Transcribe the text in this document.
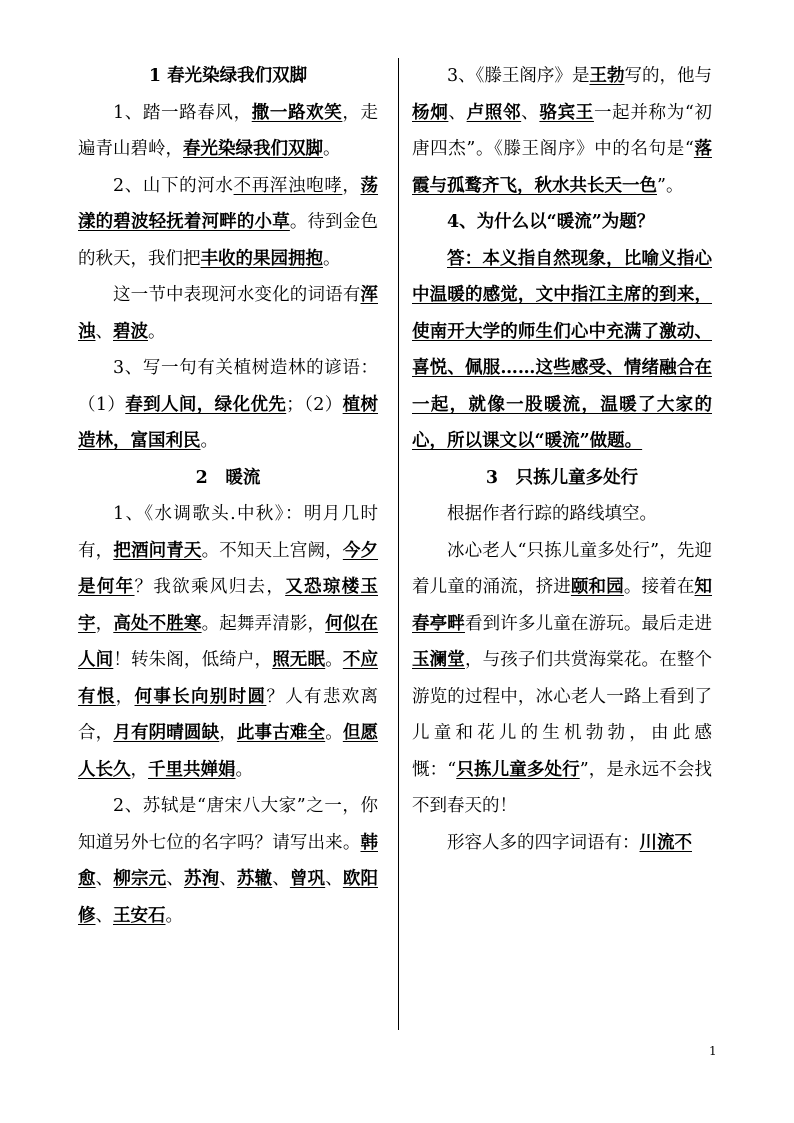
1 春光染绿我们双脚

1、踏一路春风，撒一路欢笑，走遍青山碧岭，春光染绿我们双脚。

2、山下的河水不再浑浊咆哮，荡漾的碧波轻抚着河畔的小草。待到金色的秋天，我们把丰收的果园拥抱。

这一节中表现河水变化的词语有浑浊、碧波。

3、写一句有关植树造林的谚语：（1）春到人间，绿化优先；（2）植树造林，富国利民。

2　暖流

1、《水调歌头.中秋》：明月几时有，把酒问青天。不知天上宫阙，今夕是何年？我欲乘风归去，又恐琼楼玉宇，高处不胜寒。起舞弄清影，何似在人间！转朱阁，低绮户，照无眠。不应有恨，何事长向别时圆？人有悲欢离合，月有阴晴圆缺，此事古难全。但愿人长久，千里共婵娟。

2、苏轼是“唐宋八大家”之一，你知道另外七位的名字吗？请写出来。韩愈、柳宗元、苏洵、苏辙、曾巩、欧阳修、王安石。

3、《滕王阁序》是王勃写的，他与杨炯、卢照邻、骆宾王一起并称为“初唐四杰”。《滕王阁序》中的名句是“落霞与孤鹜齐飞，秋水共长天一色”。

4、为什么以“暖流”为题？

答：本义指自然现象，比喻义指心中温暖的感觉，文中指江主席的到来，使南开大学的师生们心中充满了激动、喜悦、佩服……这些感受、情绪融合在一起，就像一股暖流，温暖了大家的心，所以课文以“暖流”做题。

3　只拣儿童多处行

根据作者行踪的路线填空。

冰心老人“只拣儿童多处行”，先迎着儿童的涌流，挤进颐和园。接着在知春亭畔看到许多儿童在游玩。最后走进玉澜堂，与孩子们共赏海棠花。在整个游览的过程中，冰心老人一路上看到了儿童和花儿的生机勃勃，由此感慨：“只拣儿童多处行”，是永远不会找不到春天的！

形容人多的四字词语有：川流不

1
